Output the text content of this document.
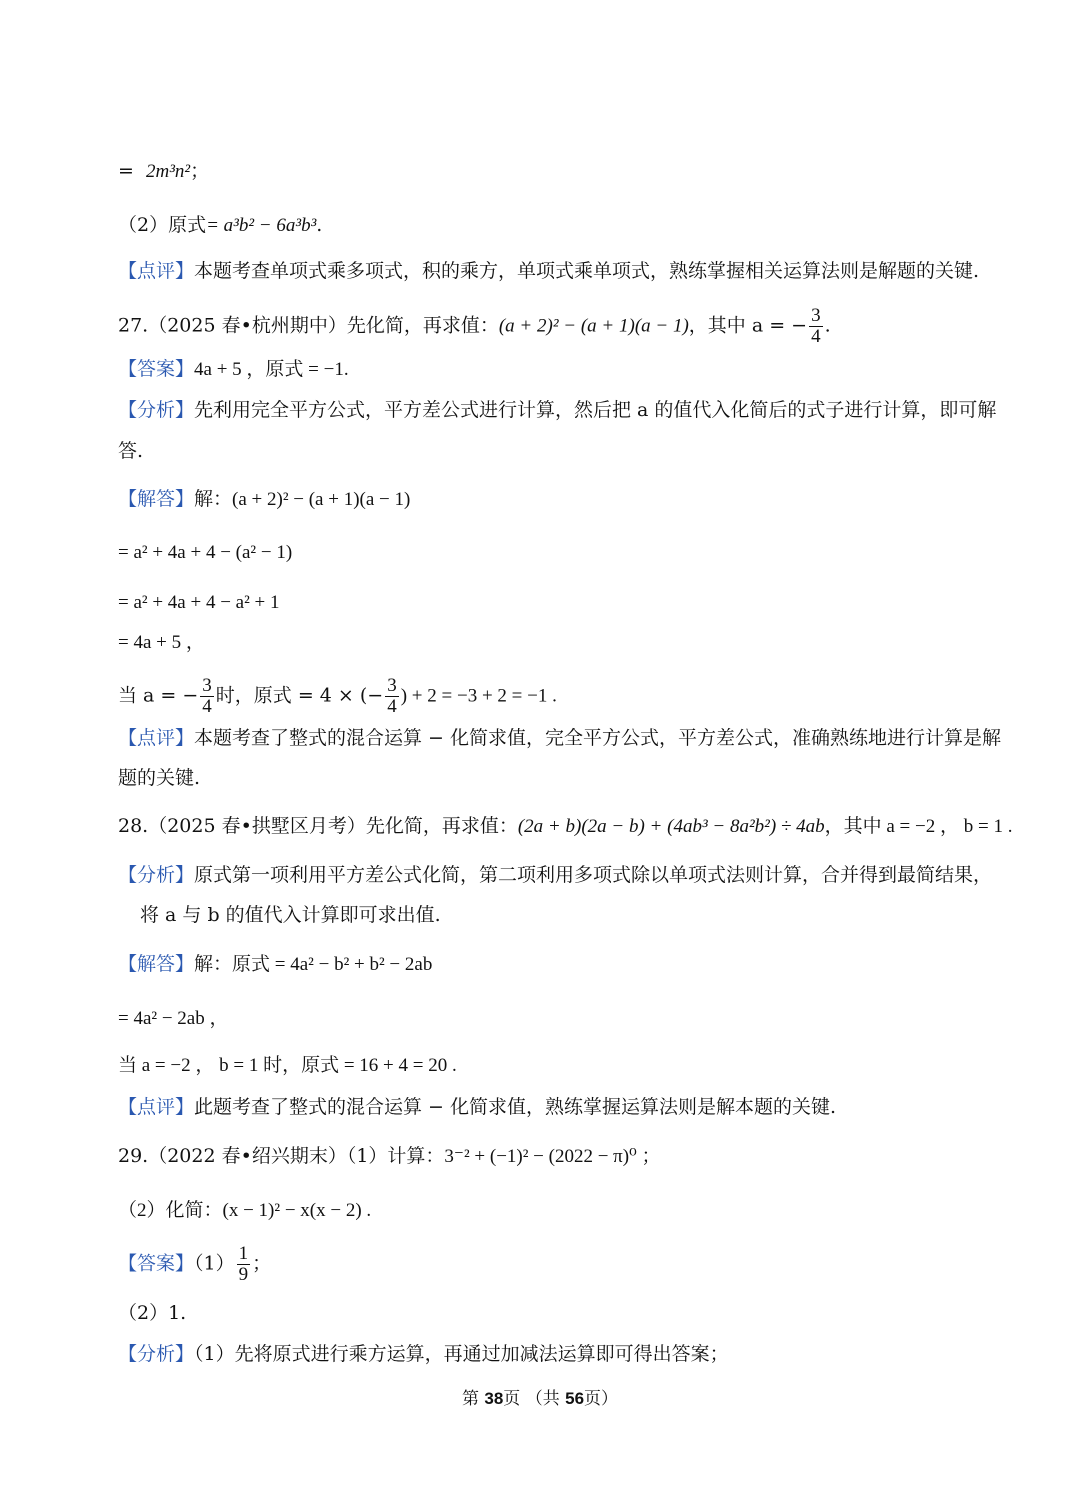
= 2m³n²；
（2）原式= a³b² − 6a³b³.
【点评】本题考查单项式乘多项式，积的乘方，单项式乘单项式，熟练掌握相关运算法则是解题的关键.
27.（2025 春•杭州期中）先化简，再求值：(a + 2)² − (a + 1)(a − 1)，其中 a = − $\frac{3}{4}$ .
【答案】4a + 5 ，原式 = −1.
【分析】先利用完全平方公式，平方差公式进行计算，然后把 a 的值代入化简后的式子进行计算，即可解
答.
【解答】解：(a + 2)² − (a + 1)(a − 1)
= a² + 4a + 4 − (a² − 1)
= a² + 4a + 4 − a² + 1
= 4a + 5 ，
当 a = − $\frac{3}{4}$ 时，原式 = 4 × (− $\frac{3}{4}$ ) + 2 = −3 + 2 = −1 .
【点评】本题考查了整式的混合运算 − 化简求值，完全平方公式，平方差公式，准确熟练地进行计算是解
题的关键.
28.（2025 春•拱墅区月考）先化简，再求值：(2a + b)(2a − b) + (4ab³ − 8a²b²) ÷ 4ab，其中 a = −2 ， b = 1 .
【分析】原式第一项利用平方差公式化简，第二项利用多项式除以单项式法则计算，合并得到最简结果，
将 a 与 b 的值代入计算即可求出值.
【解答】解：原式 = 4a² − b² + b² − 2ab
= 4a² − 2ab ，
当 a = −2 ， b = 1 时，原式 = 16 + 4 = 20 .
【点评】此题考查了整式的混合运算 − 化简求值，熟练掌握运算法则是解本题的关键.
29.（2022 春•绍兴期末）（1）计算：3⁻² + (−1)² − (2022 − π)⁰ ；
（2）化简：(x − 1)² − x(x − 2) .
【答案】$(1) \frac{1}{9}$ ；
（2）1.
【分析】（1）先将原式进行乘方运算，再通过加减法运算即可得出答案；
第 38页 （共 56页）
